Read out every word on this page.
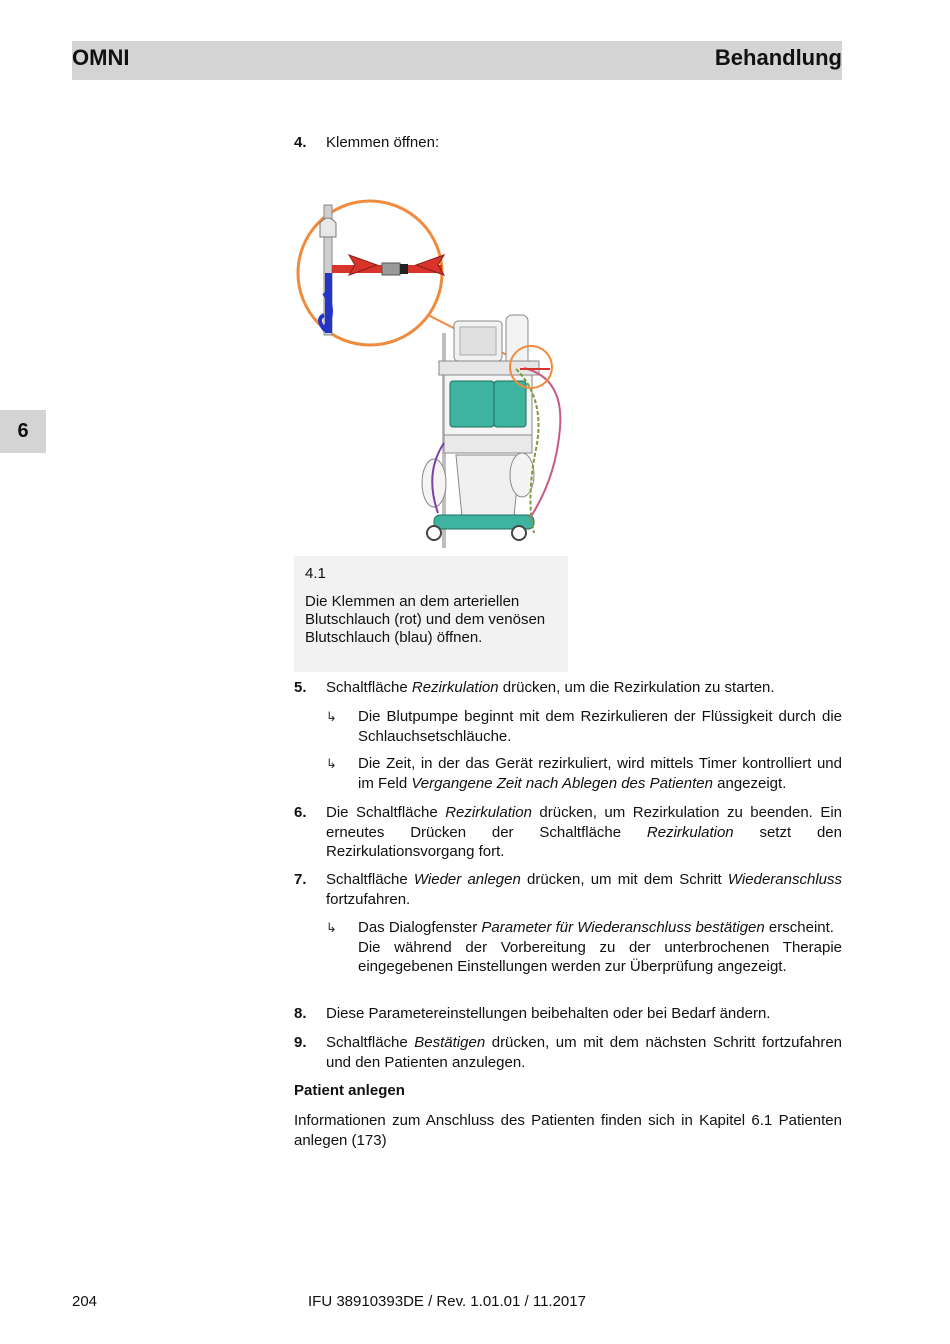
OMNI	Behandlung
6
4. Klemmen öffnen:
4.1
Die Klemmen an dem arteriellen Blutschlauch (rot) und dem venösen Blutschlauch (blau) öffnen.
5. Schaltfläche Rezirkulation drücken, um die Rezirkulation zu starten.
↳ Die Blutpumpe beginnt mit dem Rezirkulieren der Flüssigkeit durch die Schlauchsetschläuche.
↳ Die Zeit, in der das Gerät rezirkuliert, wird mittels Timer kontrolliert und im Feld Vergangene Zeit nach Ablegen des Patienten angezeigt.
6. Die Schaltfläche Rezirkulation drücken, um Rezirkulation zu beenden. Ein erneutes Drücken der Schaltfläche Rezirkulation setzt den Rezirkulationsvorgang fort.
7. Schaltfläche Wieder anlegen drücken, um mit dem Schritt Wiederanschluss fortzufahren.
↳ Das Dialogfenster Parameter für Wiederanschluss bestätigen erscheint.
Die während der Vorbereitung zu der unterbrochenen Therapie eingegebenen Einstellungen werden zur Überprüfung angezeigt.
8. Diese Parametereinstellungen beibehalten oder bei Bedarf ändern.
9. Schaltfläche Bestätigen drücken, um mit dem nächsten Schritt fortzufahren und den Patienten anzulegen.
Patient anlegen
Informationen zum Anschluss des Patienten finden sich in Kapitel 6.1 Patienten anlegen (173)
204	IFU 38910393DE / Rev. 1.01.01 / 11.2017
